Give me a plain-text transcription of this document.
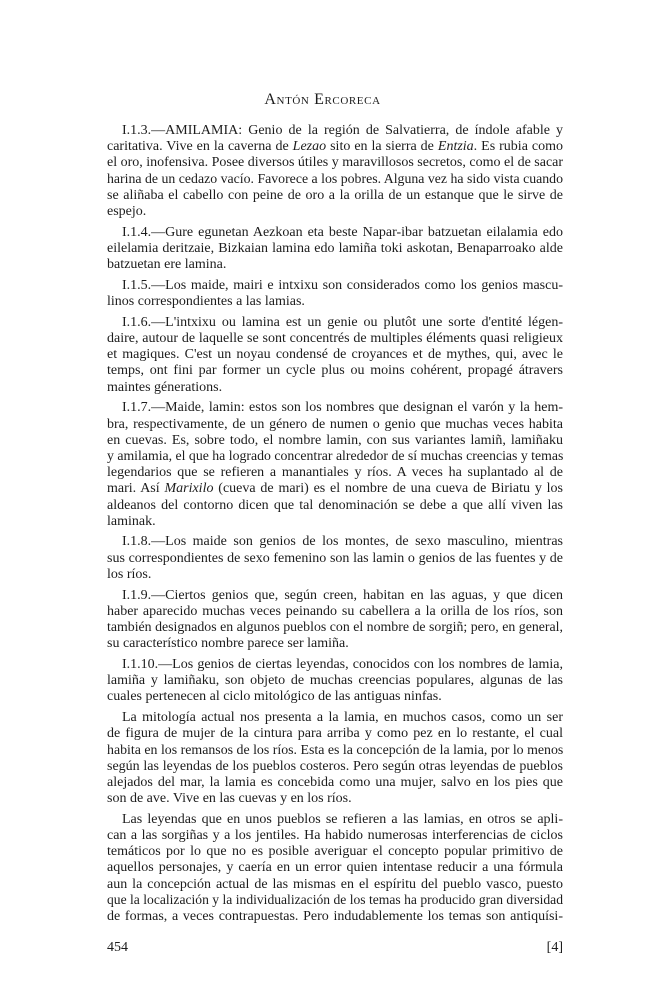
Antón Ercoreca
I.1.3.—AMILAMIA: Genio de la región de Salvatierra, de índole afable y
caritativa. Vive en la caverna de Lezao sito en la sierra de Entzia. Es rubia como
el oro, inofensiva. Posee diversos útiles y maravillosos secretos, como el de sacar
harina de un cedazo vacío. Favorece a los pobres. Alguna vez ha sido vista cuando
se aliñaba el cabello con peine de oro a la orilla de un estanque que le sirve de
espejo.
I.1.4.—Gure egunetan Aezkoan eta beste Napar-ibar batzuetan eilalamia edo
eilelamia deritzaie, Bizkaian lamina edo lamiña toki askotan, Benaparroako alde
batzuetan ere lamina.
I.1.5.—Los maide, mairi e intxixu son considerados como los genios mascu-
linos correspondientes a las lamias.
I.1.6.—L'intxixu ou lamina est un genie ou plutôt une sorte d'entité légen-
daire, autour de laquelle se sont concentrés de multiples éléments quasi religieux
et magiques. C'est un noyau condensé de croyances et de mythes, qui, avec le
temps, ont fini par former un cycle plus ou moins cohérent, propagé átravers
maintes génerations.
I.1.7.—Maide, lamin: estos son los nombres que designan el varón y la hem-
bra, respectivamente, de un género de numen o genio que muchas veces habita
en cuevas. Es, sobre todo, el nombre lamin, con sus variantes lamiñ, lamiñaku
y amilamia, el que ha logrado concentrar alrededor de sí muchas creencias y temas
legendarios que se refieren a manantiales y ríos. A veces ha suplantado al de
mari. Así Marixilo (cueva de mari) es el nombre de una cueva de Biriatu y los
aldeanos del contorno dicen que tal denominación se debe a que allí viven las
laminak.
I.1.8.—Los maide son genios de los montes, de sexo masculino, mientras
sus correspondientes de sexo femenino son las lamin o genios de las fuentes y de
los ríos.
I.1.9.—Ciertos genios que, según creen, habitan en las aguas, y que dicen
haber aparecido muchas veces peinando su cabellera a la orilla de los ríos, son
también designados en algunos pueblos con el nombre de sorgiñ; pero, en general,
su característico nombre parece ser lamiña.
I.1.10.—Los genios de ciertas leyendas, conocidos con los nombres de lamia,
lamiña y lamiñaku, son objeto de muchas creencias populares, algunas de las
cuales pertenecen al ciclo mitológico de las antiguas ninfas.
La mitología actual nos presenta a la lamia, en muchos casos, como un ser
de figura de mujer de la cintura para arriba y como pez en lo restante, el cual
habita en los remansos de los ríos. Esta es la concepción de la lamia, por lo menos
según las leyendas de los pueblos costeros. Pero según otras leyendas de pueblos
alejados del mar, la lamia es concebida como una mujer, salvo en los pies que
son de ave. Vive en las cuevas y en los ríos.
Las leyendas que en unos pueblos se refieren a las lamias, en otros se apli-
can a las sorgiñas y a los jentiles. Ha habido numerosas interferencias de ciclos
temáticos por lo que no es posible averiguar el concepto popular primitivo de
aquellos personajes, y caería en un error quien intentase reducir a una fórmula
aun la concepción actual de las mismas en el espíritu del pueblo vasco, puesto
que la localización y la individualización de los temas ha producido gran diversidad
de formas, a veces contrapuestas. Pero indudablemente los temas son antiquísi-
454	[4]
